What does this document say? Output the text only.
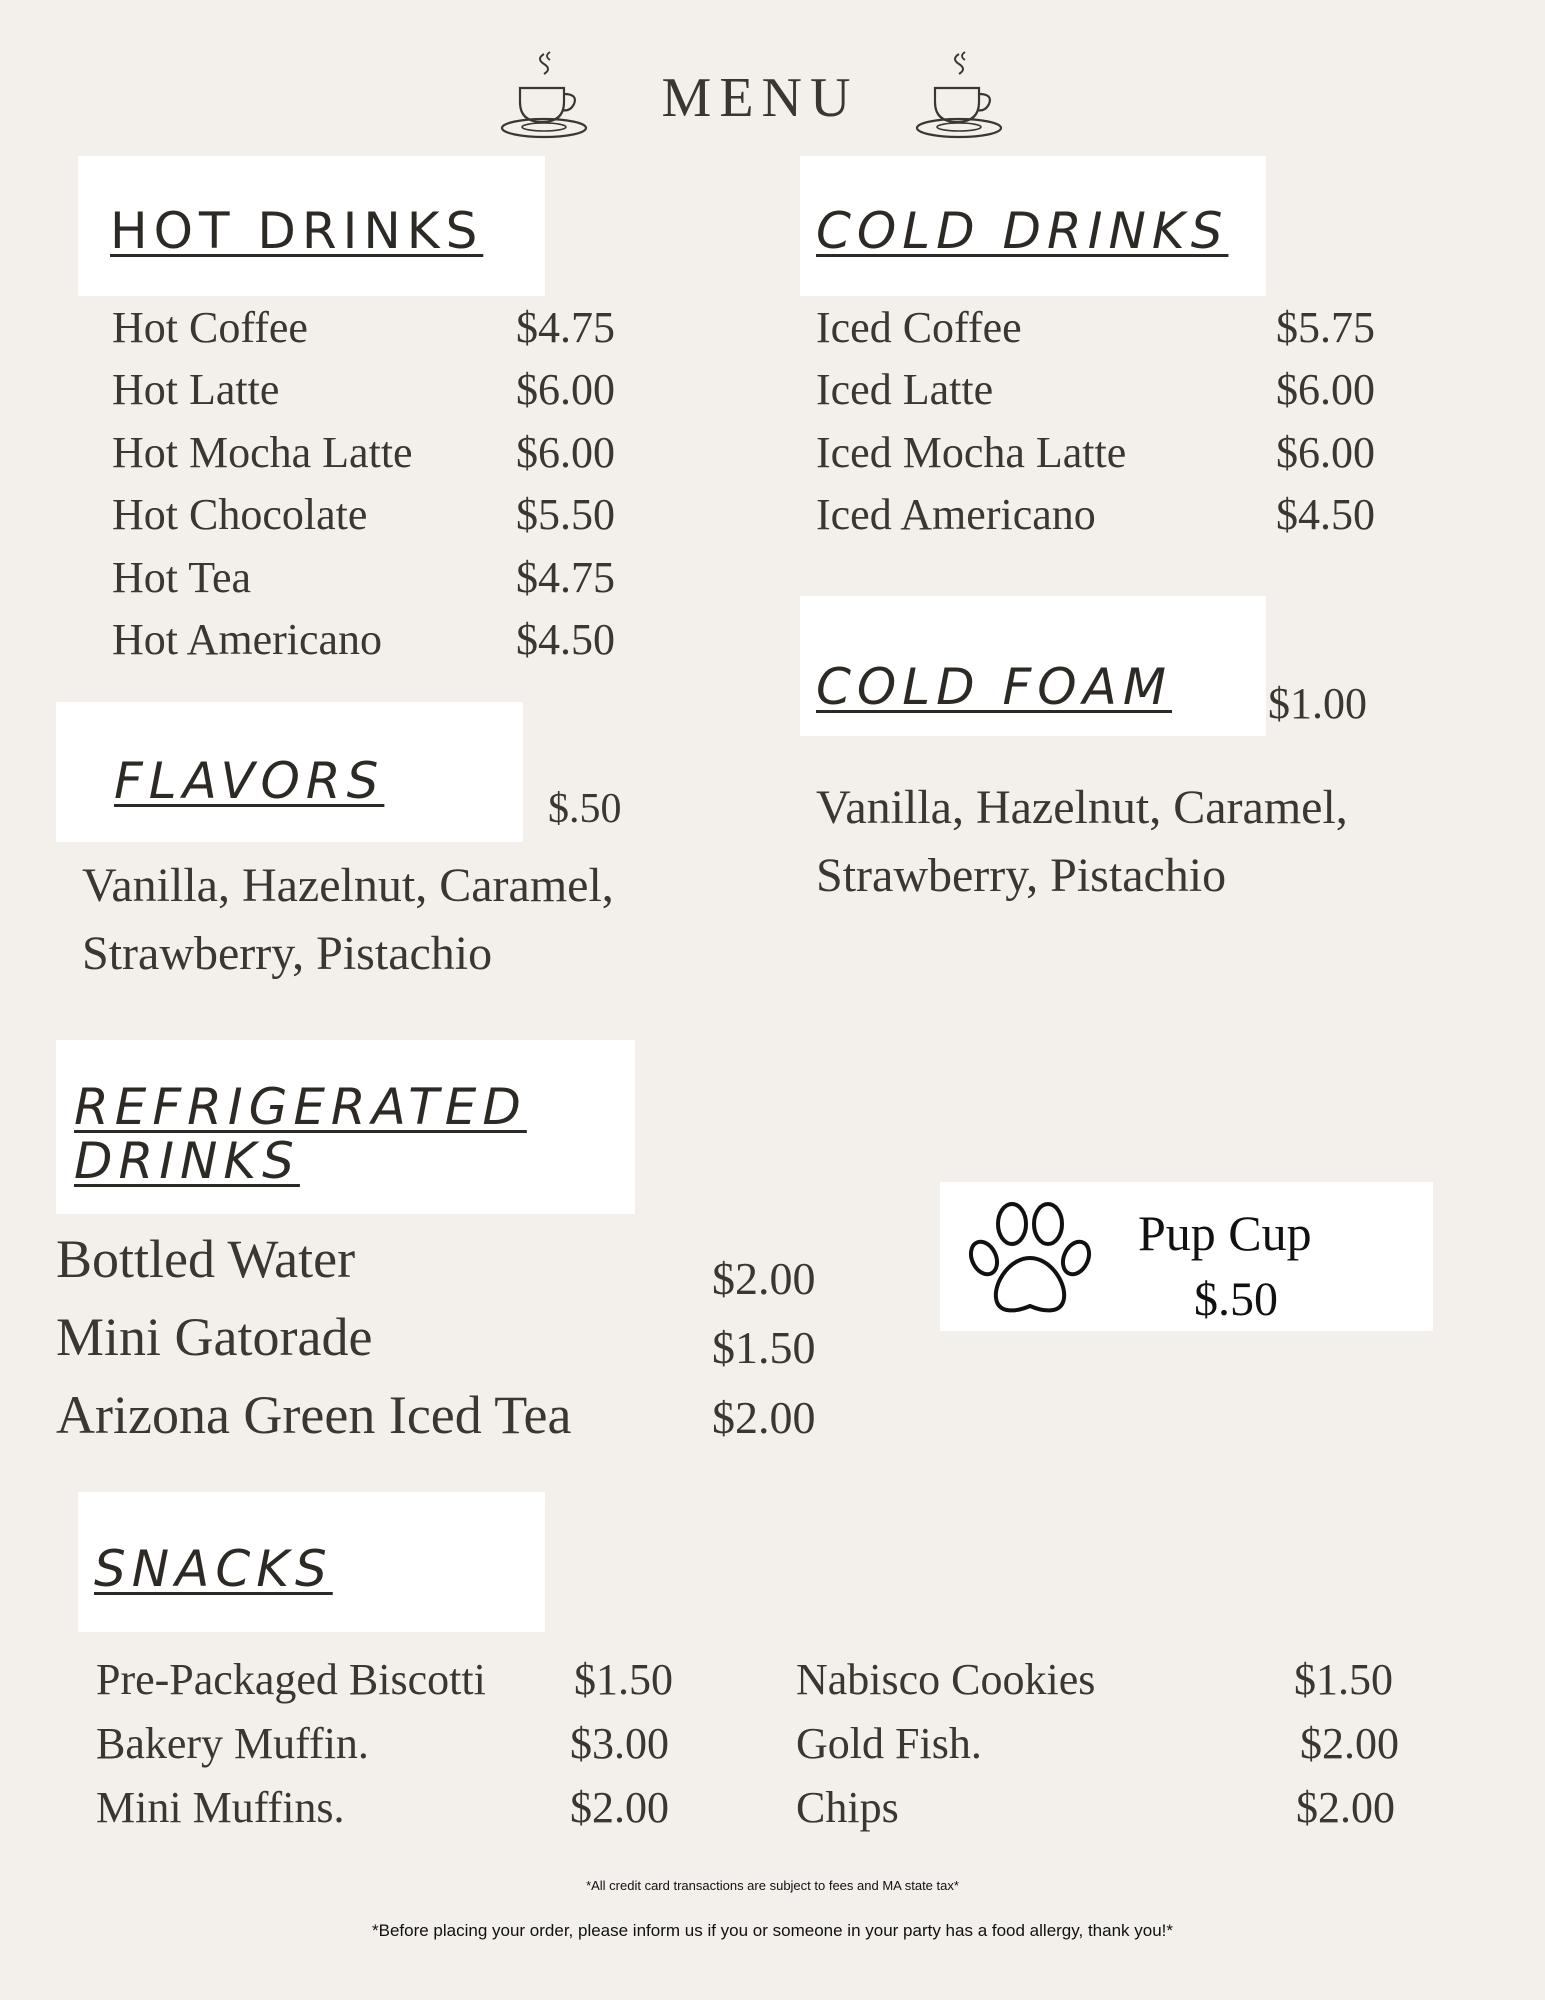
MENU
HOT DRINKS
Hot Coffee	$4.75
Hot Latte	$6.00
Hot Mocha Latte $6.00
Hot Chocolate	$5.50
Hot Tea	$4.75
Hot Americano	$4.50
COLD DRINKS
Iced Coffee	$5.75
Iced Latte	$6.00
Iced Mocha Latte	$6.00
Iced Americano	$4.50
COLD FOAM $1.00
Vanilla, Hazelnut, Caramel,
Strawberry, Pistachio
FLAVORS	$.50
Vanilla, Hazelnut, Caramel,
Strawberry, Pistachio
REFRIGERATED
DRINKS
Bottled Water	$2.00
Mini Gatorade	$1.50
Arizona Green Iced Tea	$2.00
Pup Cup
$.50
SNACKS
Pre-Packaged Biscotti $1.50
Bakery Muffin.	$3.00
Mini Muffins.	$2.00
Nabisco Cookies	$1.50
Gold Fish.	$2.00
Chips	$2.00
*All credit card transactions are subject to fees and MA state tax*
*Before placing your order, please inform us if you or someone in your party has a food allergy, thank you!*
